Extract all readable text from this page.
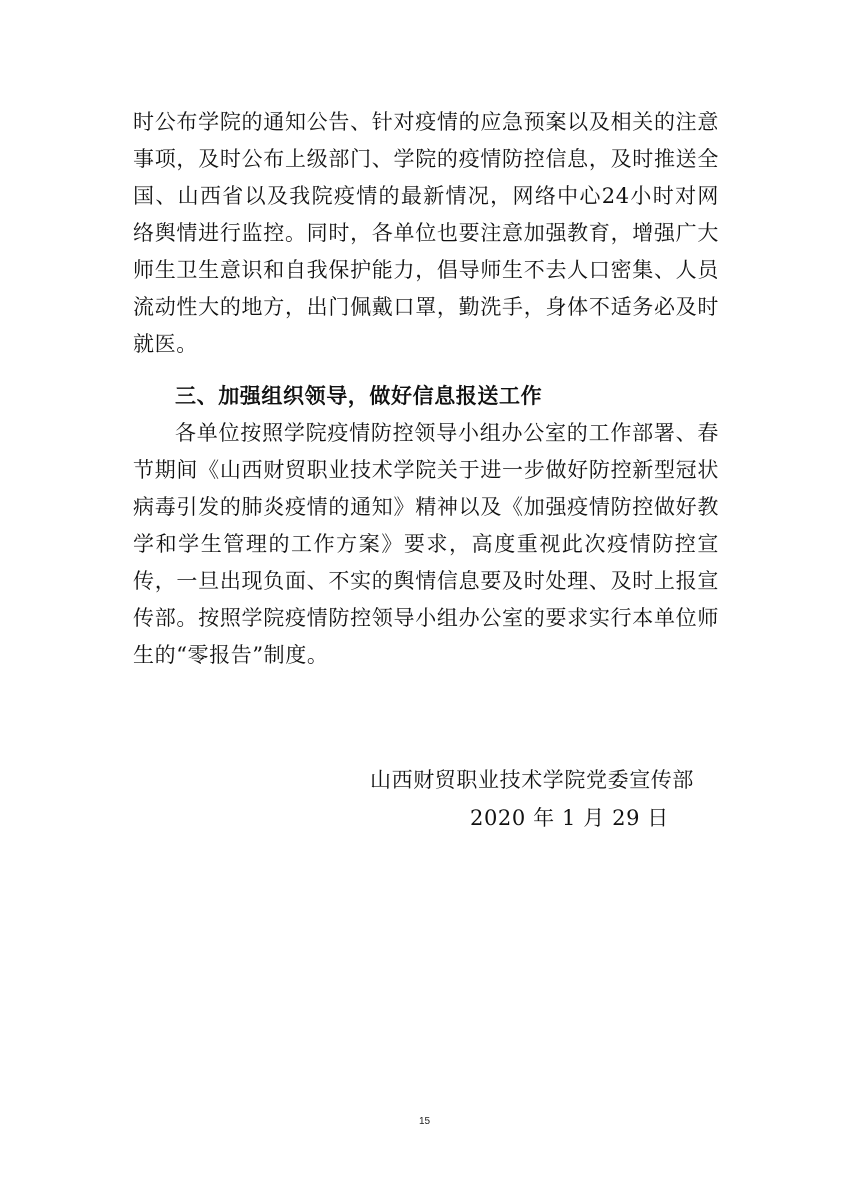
时公布学院的通知公告、针对疫情的应急预案以及相关的注意事项，及时公布上级部门、学院的疫情防控信息，及时推送全国、山西省以及我院疫情的最新情况，网络中心24小时对网络舆情进行监控。同时，各单位也要注意加强教育，增强广大师生卫生意识和自我保护能力，倡导师生不去人口密集、人员流动性大的地方，出门佩戴口罩，勤洗手，身体不适务必及时就医。

三、加强组织领导，做好信息报送工作

各单位按照学院疫情防控领导小组办公室的工作部署、春节期间《山西财贸职业技术学院关于进一步做好防控新型冠状病毒引发的肺炎疫情的通知》精神以及《加强疫情防控做好教学和学生管理的工作方案》要求，高度重视此次疫情防控宣传，一旦出现负面、不实的舆情信息要及时处理、及时上报宣传部。按照学院疫情防控领导小组办公室的要求实行本单位师生的“零报告”制度。

山西财贸职业技术学院党委宣传部

2020 年 1 月 29 日

15
